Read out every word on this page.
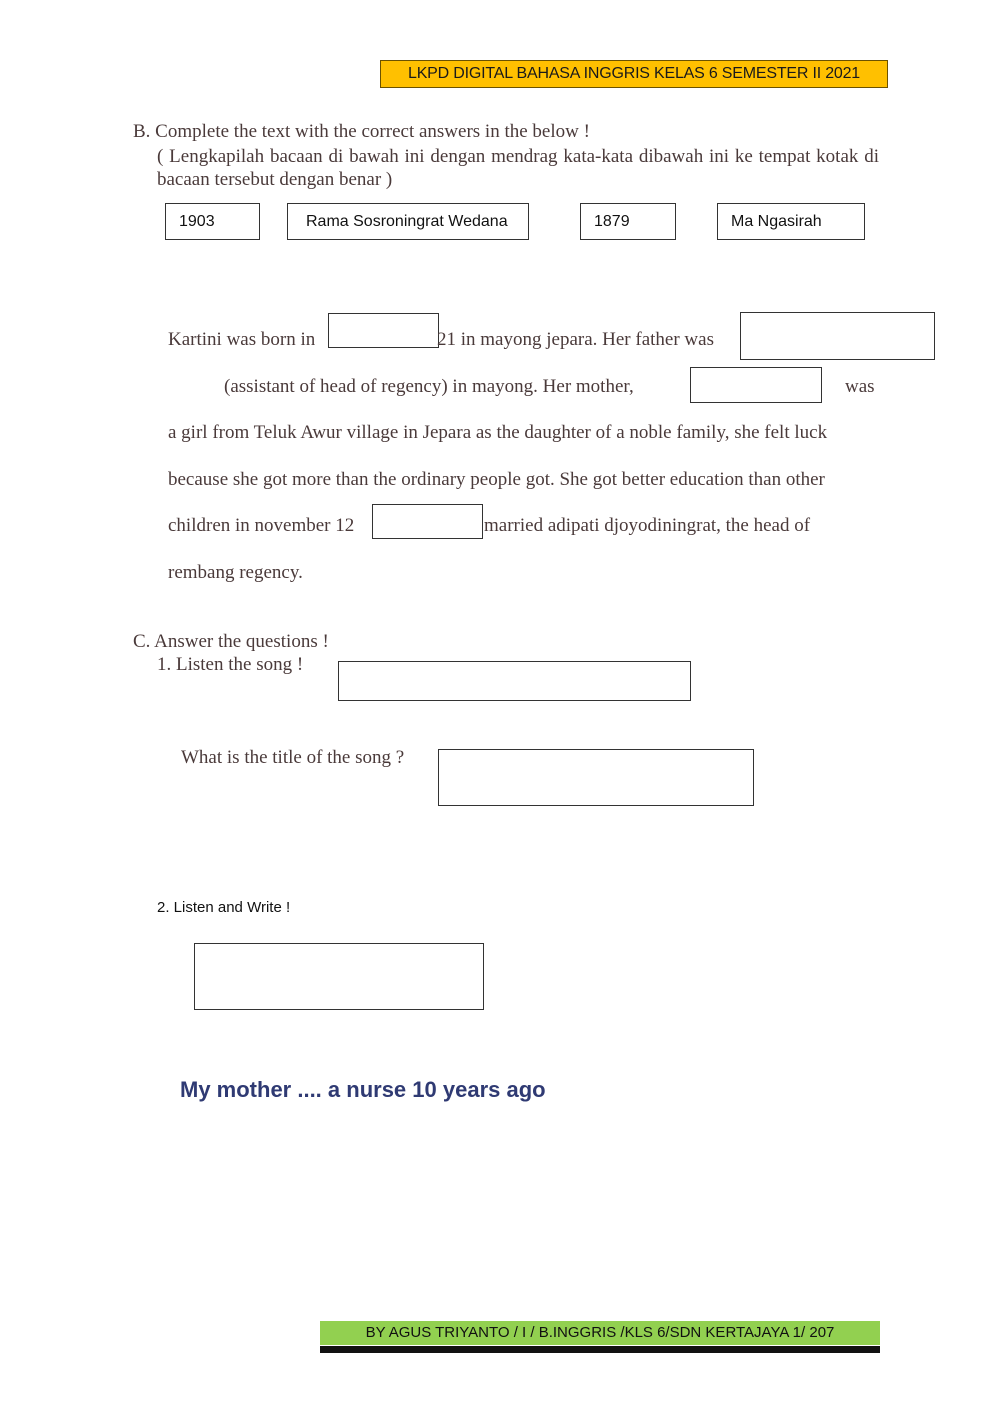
LKPD DIGITAL BAHASA INGGRIS KELAS 6 SEMESTER II 2021
B. Complete the text with the correct answers in the below !
( Lengkapilah bacaan di bawah ini dengan mendrag kata-kata dibawah ini ke tempat kotak di bacaan tersebut dengan benar )
1903	Rama Sosroningrat Wedana	1879	Ma Ngasirah
Kartini was born in	21 in mayong jepara. Her father was
(assistant of head of regency) in mayong. Her mother,	was
a girl from Teluk Awur village in Jepara as the daughter of a noble family, she felt luck
because she got more than the ordinary people got. She got better education than other
children in november 12	married adipati djoyodiningrat, the head of
rembang regency.
C. Answer the questions !
1. Listen the song !
What is the title of the song ?
2. Listen and Write !
My mother .... a nurse 10 years ago
BY AGUS TRIYANTO / I / B.INGGRIS /KLS 6/SDN KERTAJAYA 1/ 207
